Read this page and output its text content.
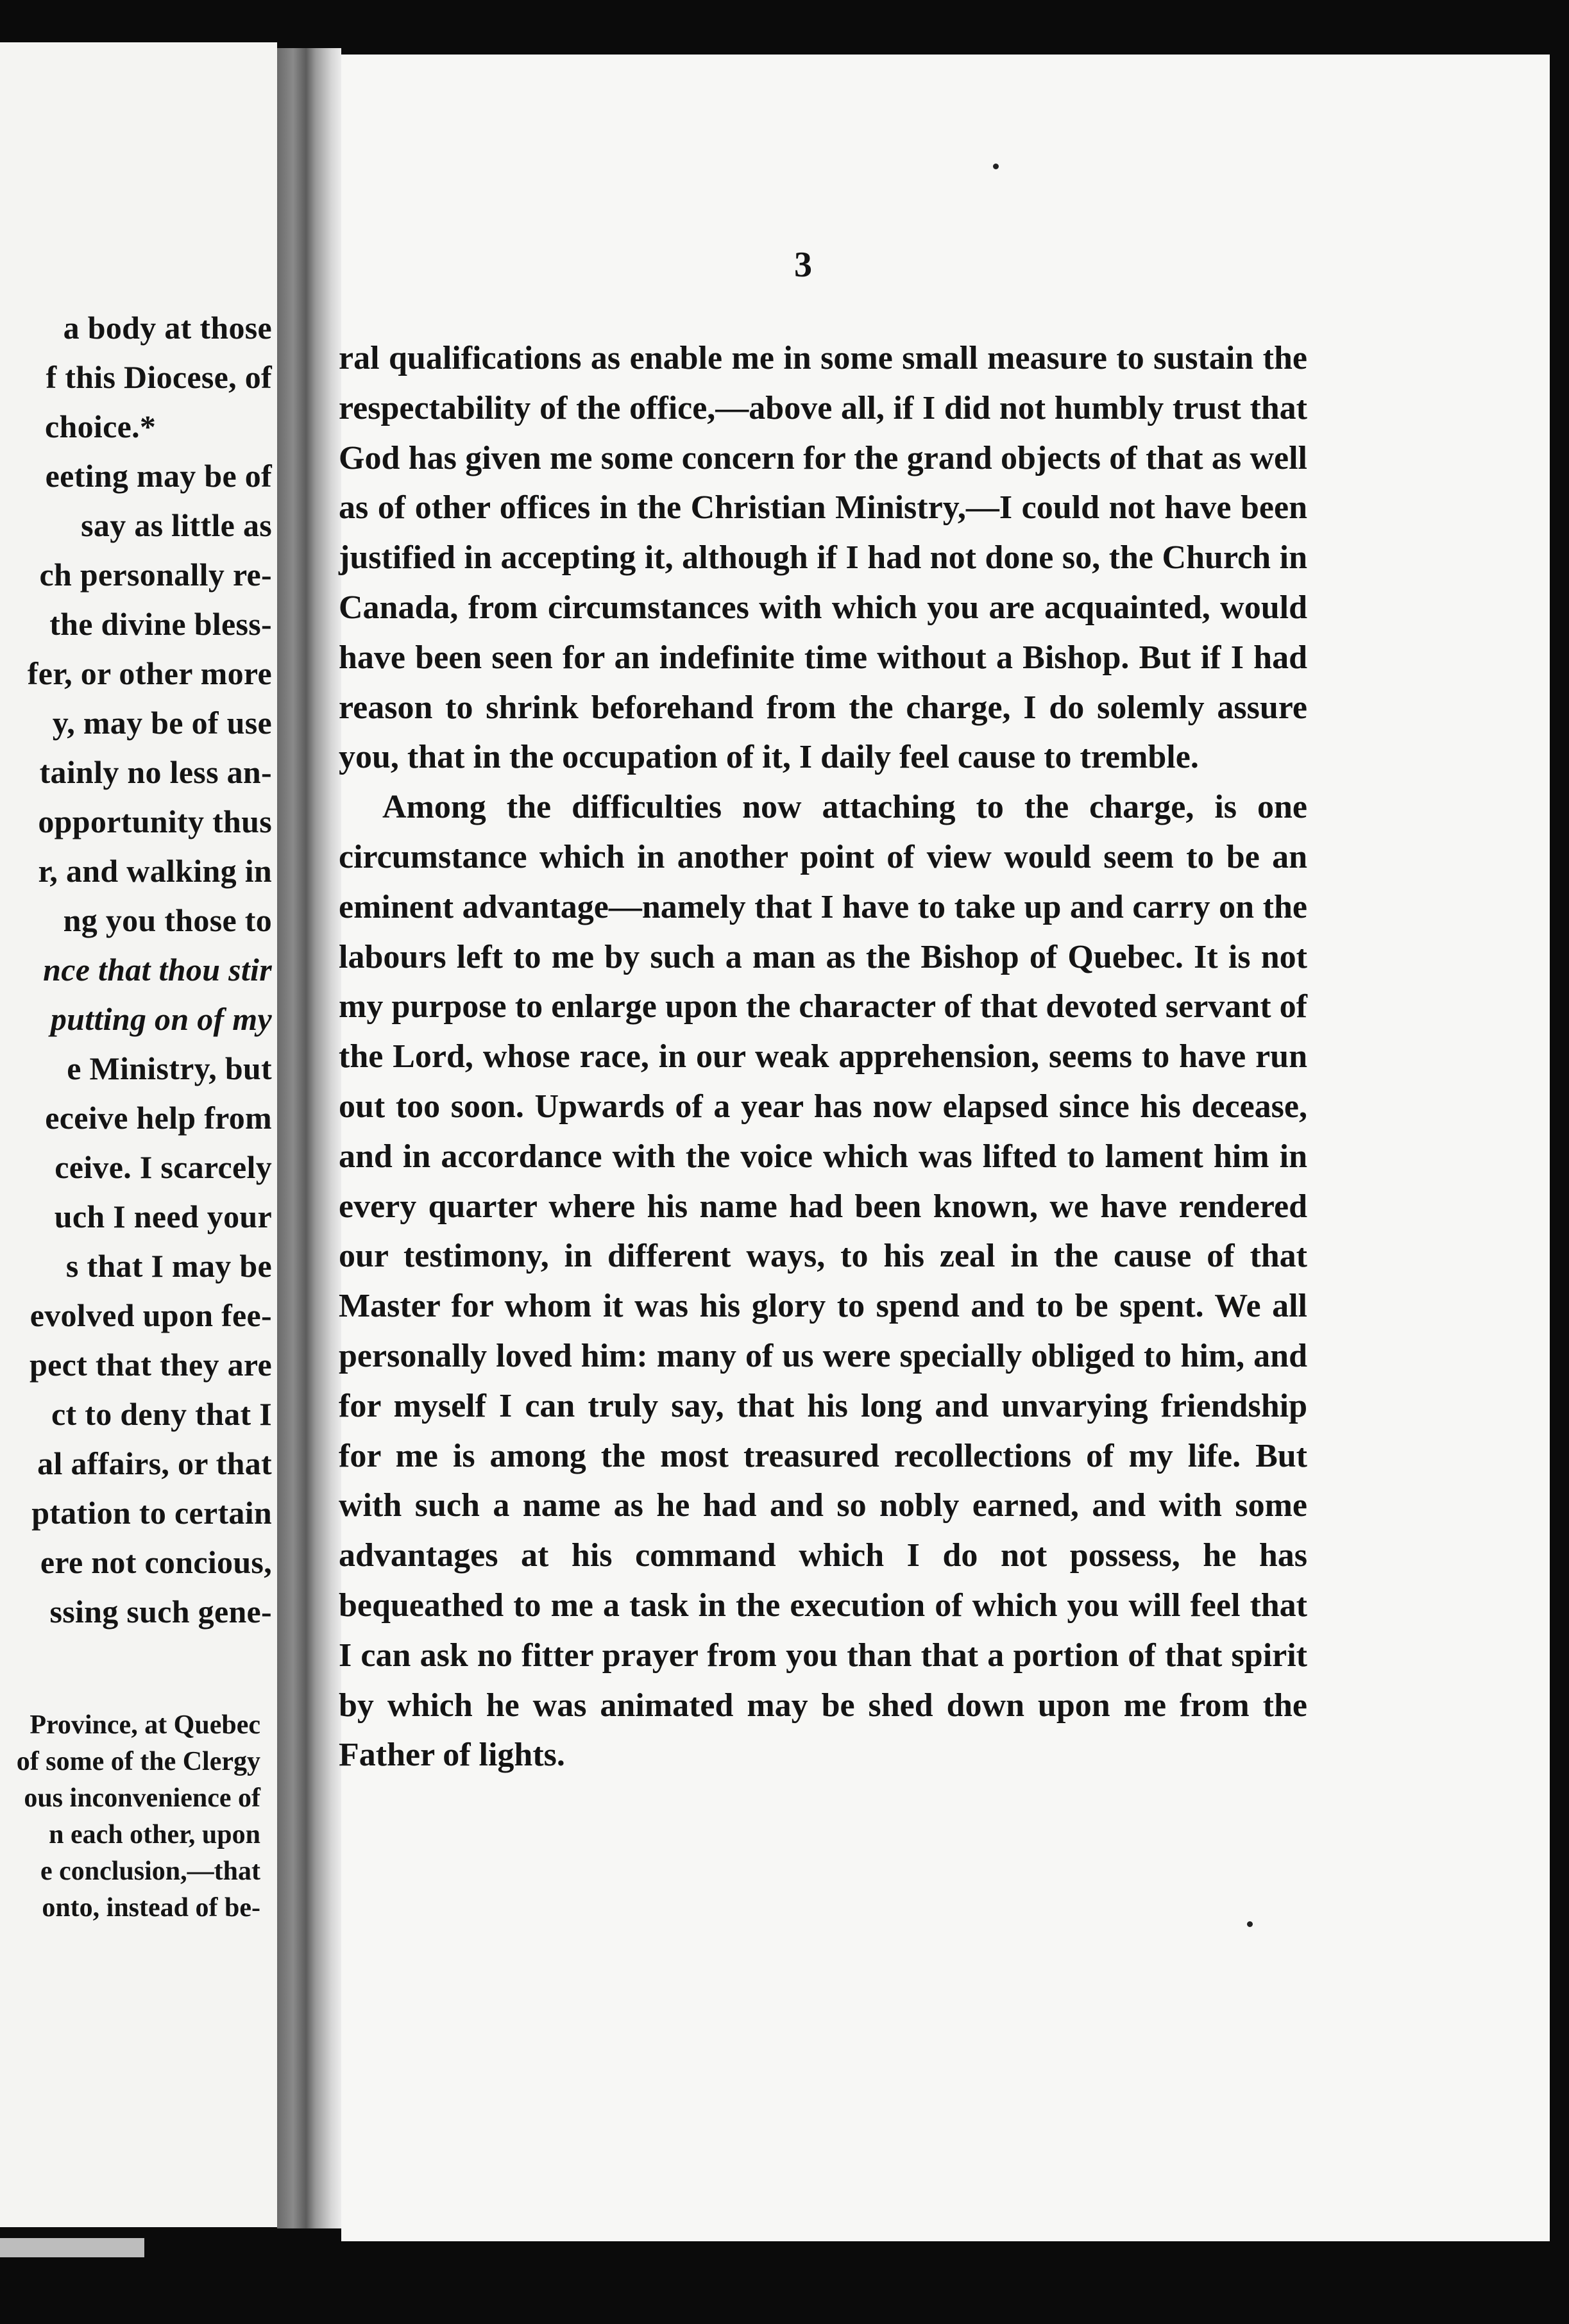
a body at those
f this Diocese, of
choice.*
eeting may be of
say as little as
ch personally re-
the divine bless-
fer, or other more
y, may be of use
tainly no less an-
opportunity thus
r, and walking in
ng you those to
nce that thou stir
putting on of my
e Ministry, but
eceive help from
ceive. I scarcely
uch I need your
s that I may be
evolved upon fee-
pect that they are
ct to deny that I
al affairs, or that
ptation to certain
ere not concious,
ssing such gene-
Province, at Quebec
of some of the Clergy
ous inconvenience of
n each other, upon
e conclusion,—that
onto, instead of be-
3

ral qualifications as enable me in some small measure to sustain the respectability of the office,—above all, if I did not humbly trust that God has given me some concern for the grand objects of that as well as of other offices in the Christian Ministry,—I could not have been justified in accepting it, although if I had not done so, the Church in Canada, from circumstances with which you are acquainted, would have been seen for an indefinite time without a Bishop. But if I had reason to shrink beforehand from the charge, I do solemly assure you, that in the occupation of it, I daily feel cause to tremble.

Among the difficulties now attaching to the charge, is one circumstance which in another point of view would seem to be an eminent advantage—namely that I have to take up and carry on the labours left to me by such a man as the Bishop of Quebec. It is not my purpose to enlarge upon the character of that devoted servant of the Lord, whose race, in our weak apprehension, seems to have run out too soon. Upwards of a year has now elapsed since his decease, and in accordance with the voice which was lifted to lament him in every quarter where his name had been known, we have rendered our testimony, in different ways, to his zeal in the cause of that Master for whom it was his glory to spend and to be spent. We all personally loved him: many of us were specially obliged to him, and for myself I can truly say, that his long and unvarying friendship for me is among the most treasured recollections of my life. But with such a name as he had and so nobly earned, and with some advantages at his command which I do not possess, he has bequeathed to me a task in the execution of which you will feel that I can ask no fitter prayer from you than that a portion of that spirit by which he was animated may be shed down upon me from the Father of lights.
